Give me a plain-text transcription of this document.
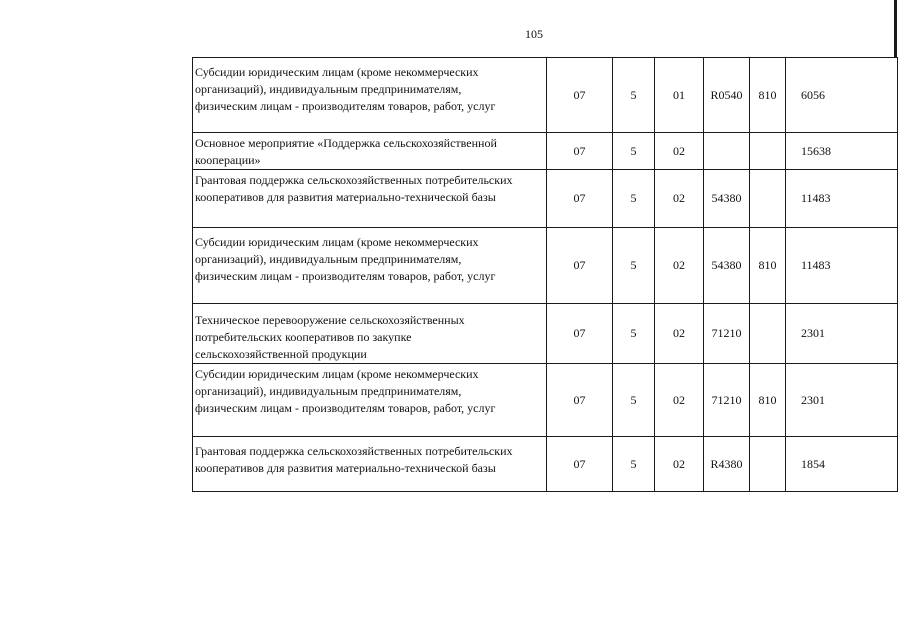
105
Субсидии юридическим лицам (кроме некоммерческих
организаций), индивидуальным предпринимателям,
физическим лицам - производителям товаров, работ, услуг	07	5	01	R0540	810	6056

Основное мероприятие «Поддержка сельскохозяйственной
кооперации»	07	5	02			15638

Грантовая поддержка сельскохозяйственных потребительских
кооперативов для развития материально-технической базы	07	5	02	54380		11483

Субсидии юридическим лицам (кроме некоммерческих
организаций), индивидуальным предпринимателям,
физическим лицам - производителям товаров, работ, услуг	07	5	02	54380	810	11483

Техническое перевооружение сельскохозяйственных
потребительских кооперативов по закупке
сельскохозяйственной продукции	07	5	02	71210		2301

Субсидии юридическим лицам (кроме некоммерческих
организаций), индивидуальным предпринимателям,
физическим лицам - производителям товаров, работ, услуг	07	5	02	71210	810	2301

Грантовая поддержка сельскохозяйственных потребительских
кооперативов для развития материально-технической базы	07	5	02	R4380		1854
